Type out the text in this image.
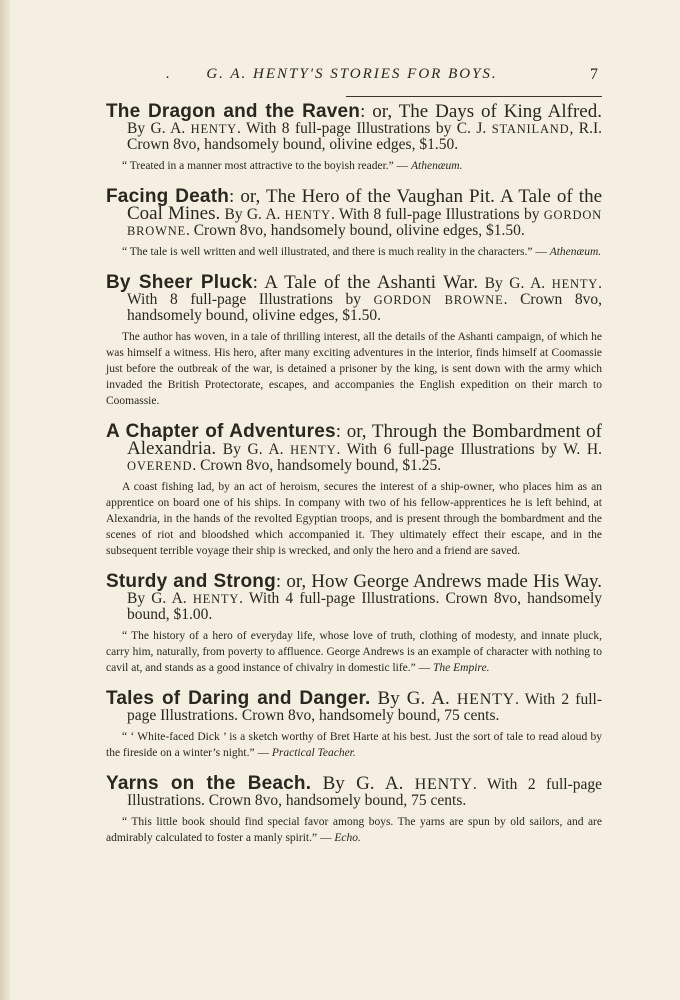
. G. A. HENTY'S STORIES FOR BOYS.	7
The Dragon and the Raven: or, The Days of King Alfred. By G. A. HENTY. With 8 full-page Illustrations by C. J. STANILAND, R.I. Crown 8vo, handsomely bound, olivine edges, $1.50.
“ Treated in a manner most attractive to the boyish reader.” — Athenæum.
Facing Death: or, The Hero of the Vaughan Pit. A Tale of the Coal Mines. By G. A. HENTY. With 8 full-page Illustrations by GORDON BROWNE. Crown 8vo, handsomely bound, olivine edges, $1.50.
“ The tale is well written and well illustrated, and there is much reality in the characters.” — Athenæum.
By Sheer Pluck: A Tale of the Ashanti War. By G. A. HENTY. With 8 full-page Illustrations by GORDON BROWNE. Crown 8vo, handsomely bound, olivine edges, $1.50.
The author has woven, in a tale of thrilling interest, all the details of the Ashanti campaign, of which he was himself a witness. His hero, after many exciting adventures in the interior, finds himself at Coomassie just before the outbreak of the war, is detained a prisoner by the king, is sent down with the army which invaded the British Protectorate, escapes, and accompanies the English expedition on their march to Coomassie.
A Chapter of Adventures: or, Through the Bombardment of Alexandria. By G. A. HENTY. With 6 full-page Illustrations by W. H. OVEREND. Crown 8vo, handsomely bound, $1.25.
A coast fishing lad, by an act of heroism, secures the interest of a ship-owner, who places him as an apprentice on board one of his ships. In company with two of his fellow-apprentices he is left behind, at Alexandria, in the hands of the revolted Egyptian troops, and is present through the bombardment and the scenes of riot and bloodshed which accompanied it. They ultimately effect their escape, and in the subsequent terrible voyage their ship is wrecked, and only the hero and a friend are saved.
Sturdy and Strong: or, How George Andrews made His Way. By G. A. HENTY. With 4 full-page Illustrations. Crown 8vo, handsomely bound, $1.00.
“ The history of a hero of everyday life, whose love of truth, clothing of modesty, and innate pluck, carry him, naturally, from poverty to affluence. George Andrews is an example of character with nothing to cavil at, and stands as a good instance of chivalry in domestic life.” — The Empire.
Tales of Daring and Danger. By G. A. HENTY. With 2 full-page Illustrations. Crown 8vo, handsomely bound, 75 cents.
“ ‘ White-faced Dick ’ is a sketch worthy of Bret Harte at his best. Just the sort of tale to read aloud by the fireside on a winter’s night.” — Practical Teacher.
Yarns on the Beach. By G. A. HENTY. With 2 full-page Illustrations. Crown 8vo, handsomely bound, 75 cents.
“ This little book should find special favor among boys. The yarns are spun by old sailors, and are admirably calculated to foster a manly spirit.” — Echo.
